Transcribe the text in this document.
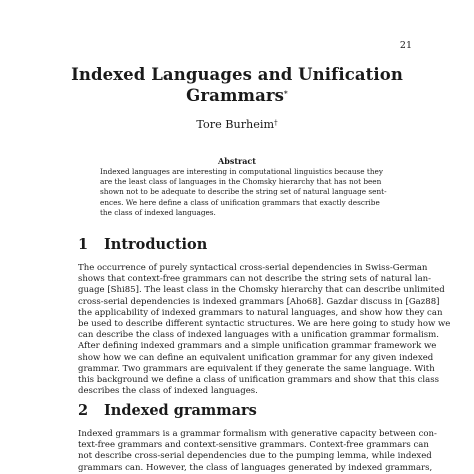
21
Indexed Languages and Unification
Grammars*
Tore Burheim†
Abstract
Indexed languages are interesting in computational linguistics because they
are the least class of languages in the Chomsky hierarchy that has not been
shown not to be adequate to describe the string set of natural language sent-
ences. We here define a class of unification grammars that exactly describe
the class of indexed languages.
1 Introduction
The occurrence of purely syntactical cross-serial dependencies in Swiss-German
shows that context-free grammars can not describe the string sets of natural lan-
guage [Shi85]. The least class in the Chomsky hierarchy that can describe unlimited
cross-serial dependencies is indexed grammars [Aho68]. Gazdar discuss in [Gaz88]
the applicability of indexed grammars to natural languages, and show how they can
be used to describe different syntactic structures. We are here going to study how we
can describe the class of indexed languages with a unification grammar formalism.
After defining indexed grammars and a simple unification grammar framework we
show how we can define an equivalent unification grammar for any given indexed
grammar. Two grammars are equivalent if they generate the same language. With
this background we define a class of unification grammars and show that this class
describes the class of indexed languages.
2 Indexed grammars
Indexed grammars is a grammar formalism with generative capacity between con-
text-free grammars and context-sensitive grammars. Context-free grammars can
not describe cross-serial dependencies due to the pumping lemma, while indexed
grammars can. However, the class of languages generated by indexed grammars,
